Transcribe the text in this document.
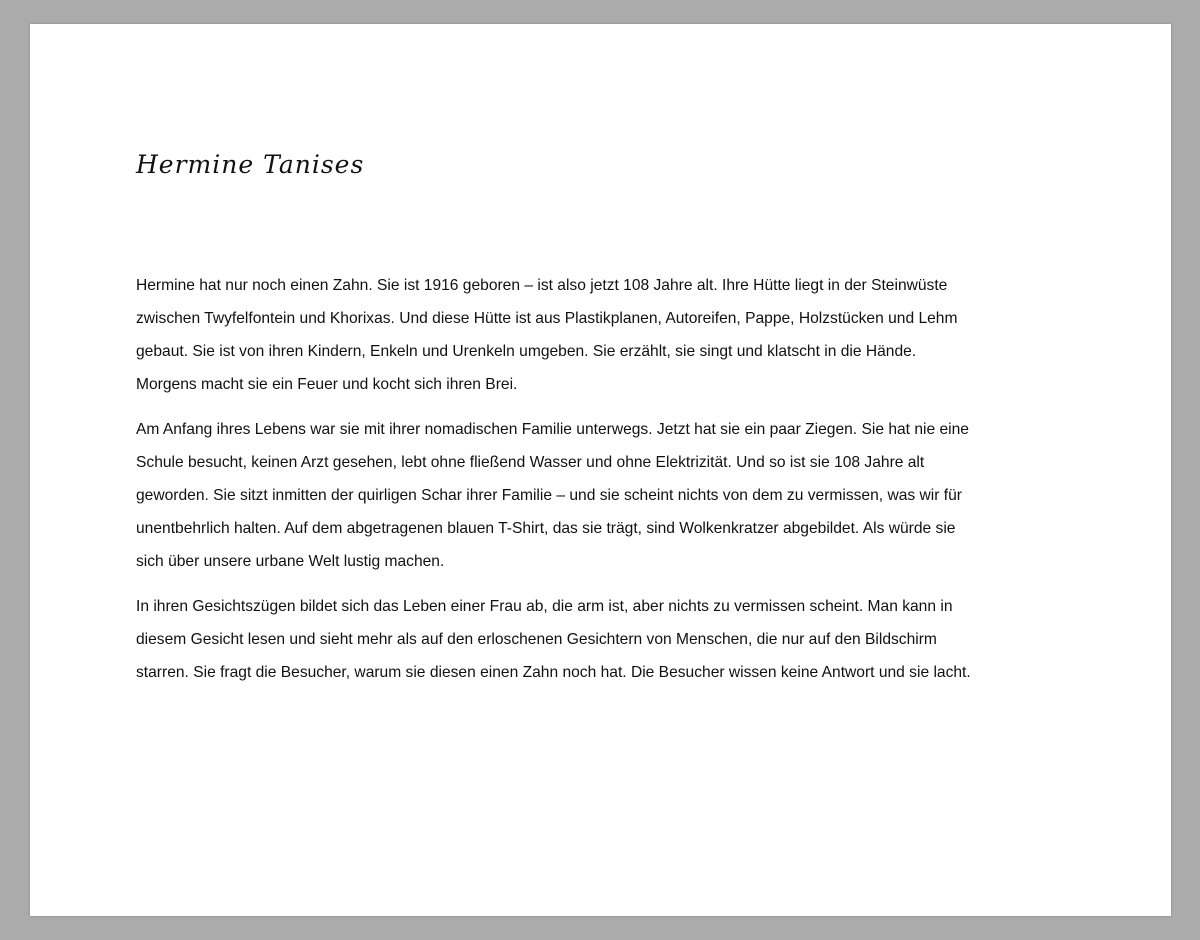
Hermine Tanises

Hermine hat nur noch einen Zahn. Sie ist 1916 geboren – ist also jetzt 108 Jahre alt. Ihre Hütte liegt in der Steinwüste
zwischen Twyfelfontein und Khorixas. Und diese Hütte ist aus Plastikplanen, Autoreifen, Pappe, Holzstücken und Lehm
gebaut. Sie ist von ihren Kindern, Enkeln und Urenkeln umgeben. Sie erzählt, sie singt und klatscht in die Hände.
Morgens macht sie ein Feuer und kocht sich ihren Brei.

Am Anfang ihres Lebens war sie mit ihrer nomadischen Familie unterwegs. Jetzt hat sie ein paar Ziegen. Sie hat nie eine
Schule besucht, keinen Arzt gesehen, lebt ohne fließend Wasser und ohne Elektrizität. Und so ist sie 108 Jahre alt
geworden. Sie sitzt inmitten der quirligen Schar ihrer Familie – und sie scheint nichts von dem zu vermissen, was wir für
unentbehrlich halten. Auf dem abgetragenen blauen T-Shirt, das sie trägt, sind Wolkenkratzer abgebildet. Als würde sie
sich über unsere urbane Welt lustig machen.

In ihren Gesichtszügen bildet sich das Leben einer Frau ab, die arm ist, aber nichts zu vermissen scheint. Man kann in
diesem Gesicht lesen und sieht mehr als auf den erloschenen Gesichtern von Menschen, die nur auf den Bildschirm
starren. Sie fragt die Besucher, warum sie diesen einen Zahn noch hat. Die Besucher wissen keine Antwort und sie lacht.
